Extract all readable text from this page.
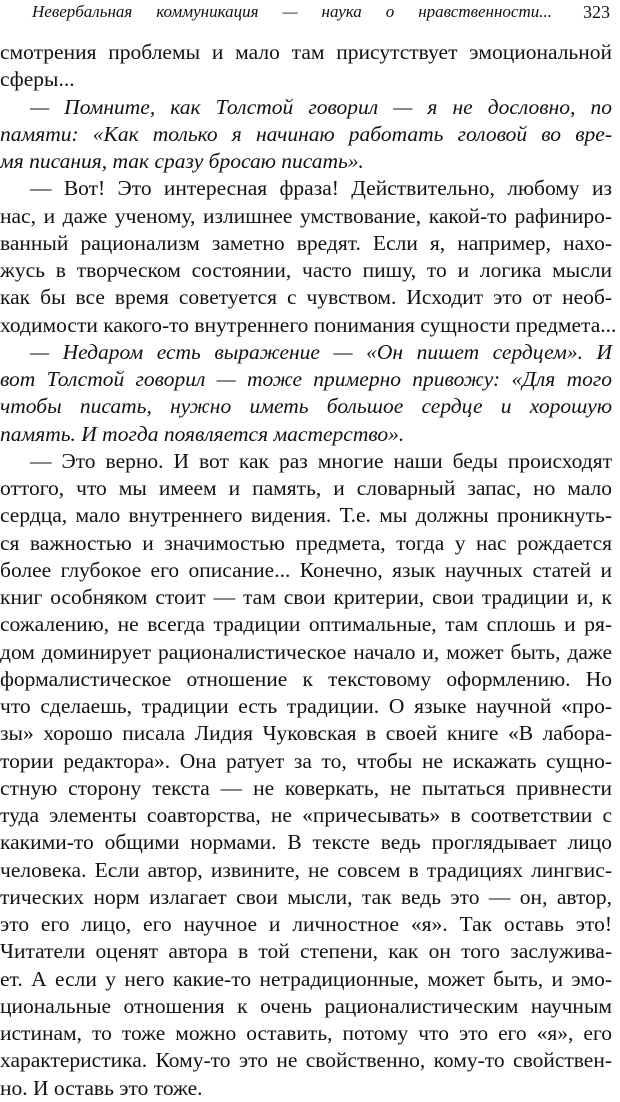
Невербальная коммуникация — наука о нравственности... 323
смотрения проблемы и мало там присутствует эмоциональной
сферы...
— Помните, как Толстой говорил — я не дословно, по
памяти: «Как только я начинаю работать головой во вре-
мя писания, так сразу бросаю писать».
— Вот! Это интересная фраза! Действительно, любому из
нас, и даже ученому, излишнее умствование, какой-то рафиниро-
ванный рационализм заметно вредят. Если я, например, нахо-
жусь в творческом состоянии, часто пишу, то и логика мысли
как бы все время советуется с чувством. Исходит это от необ-
ходимости какого-то внутреннего понимания сущности предмета...
— Недаром есть выражение — «Он пишет сердцем». И
вот Толстой говорил — тоже примерно привожу: «Для того
чтобы писать, нужно иметь большое сердце и хорошую
память. И тогда появляется мастерство».
— Это верно. И вот как раз многие наши беды происходят
оттого, что мы имеем и память, и словарный запас, но мало
сердца, мало внутреннего видения. Т.е. мы должны проникнуть-
ся важностью и значимостью предмета, тогда у нас рождается
более глубокое его описание... Конечно, язык научных статей и
книг особняком стоит — там свои критерии, свои традиции и, к
сожалению, не всегда традиции оптимальные, там сплошь и ря-
дом доминирует рационалистическое начало и, может быть, даже
формалистическое отношение к текстовому оформлению. Но
что сделаешь, традиции есть традиции. О языке научной «про-
зы» хорошо писала Лидия Чуковская в своей книге «В лабора-
тории редактора». Она ратует за то, чтобы не искажать сущно-
стную сторону текста — не коверкать, не пытаться привнести
туда элементы соавторства, не «причесывать» в соответствии с
какими-то общими нормами. В тексте ведь проглядывает лицо
человека. Если автор, извините, не совсем в традициях лингвис-
тических норм излагает свои мысли, так ведь это — он, автор,
это его лицо, его научное и личностное «я». Так оставь это!
Читатели оценят автора в той степени, как он того заслужива-
ет. А если у него какие-то нетрадиционные, может быть, и эмо-
циональные отношения к очень рационалистическим научным
истинам, то тоже можно оставить, потому что это его «я», его
характеристика. Кому-то это не свойственно, кому-то свойствен-
но. И оставь это тоже.
